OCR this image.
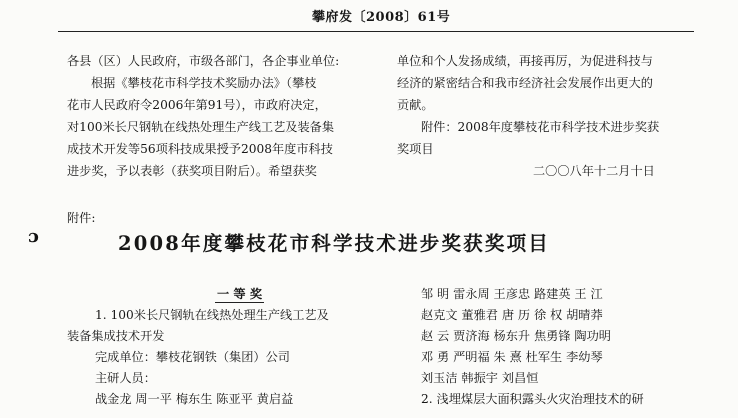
攀府发〔2008〕61号
各县（区）人民政府，市级各部门，各企事业单位:
根据《攀枝花市科学技术奖励办法》（攀枝
花市人民政府令2006年第91号），市政府决定，
对100米长尺钢轨在线热处理生产线工艺及装备集
成技术开发等56项科技成果授予2008年度市科技
进步奖，予以表彰（获奖项目附后）。希望获奖
单位和个人发扬成绩，再接再厉，为促进科技与
经济的紧密结合和我市经济社会发展作出更大的
贡献。
附件：2008年度攀枝花市科学技术进步奖获
奖项目
二〇〇八年十二月十日
附件:
ɔ	2008年度攀枝花市科学技术进步奖获奖项目
一 等 奖
1. 100米长尺钢轨在线热处理生产线工艺及
装备集成技术开发
完成单位：攀枝花钢铁（集团）公司
主研人员：
战金龙 周一平 梅东生 陈亚平 黄启益
邹 明 雷永周 王彦忠 路建英 王 江
赵克文 董雅君 唐 历 徐 权 胡晴莽
赵 云 贾济海 杨东升 焦勇锋 陶功明
邓 勇 严明福 朱 熹 杜军生 李幼琴
刘玉洁 韩振宇 刘昌恒
2. 浅埋煤层大面积露头火灾治理技术的研
